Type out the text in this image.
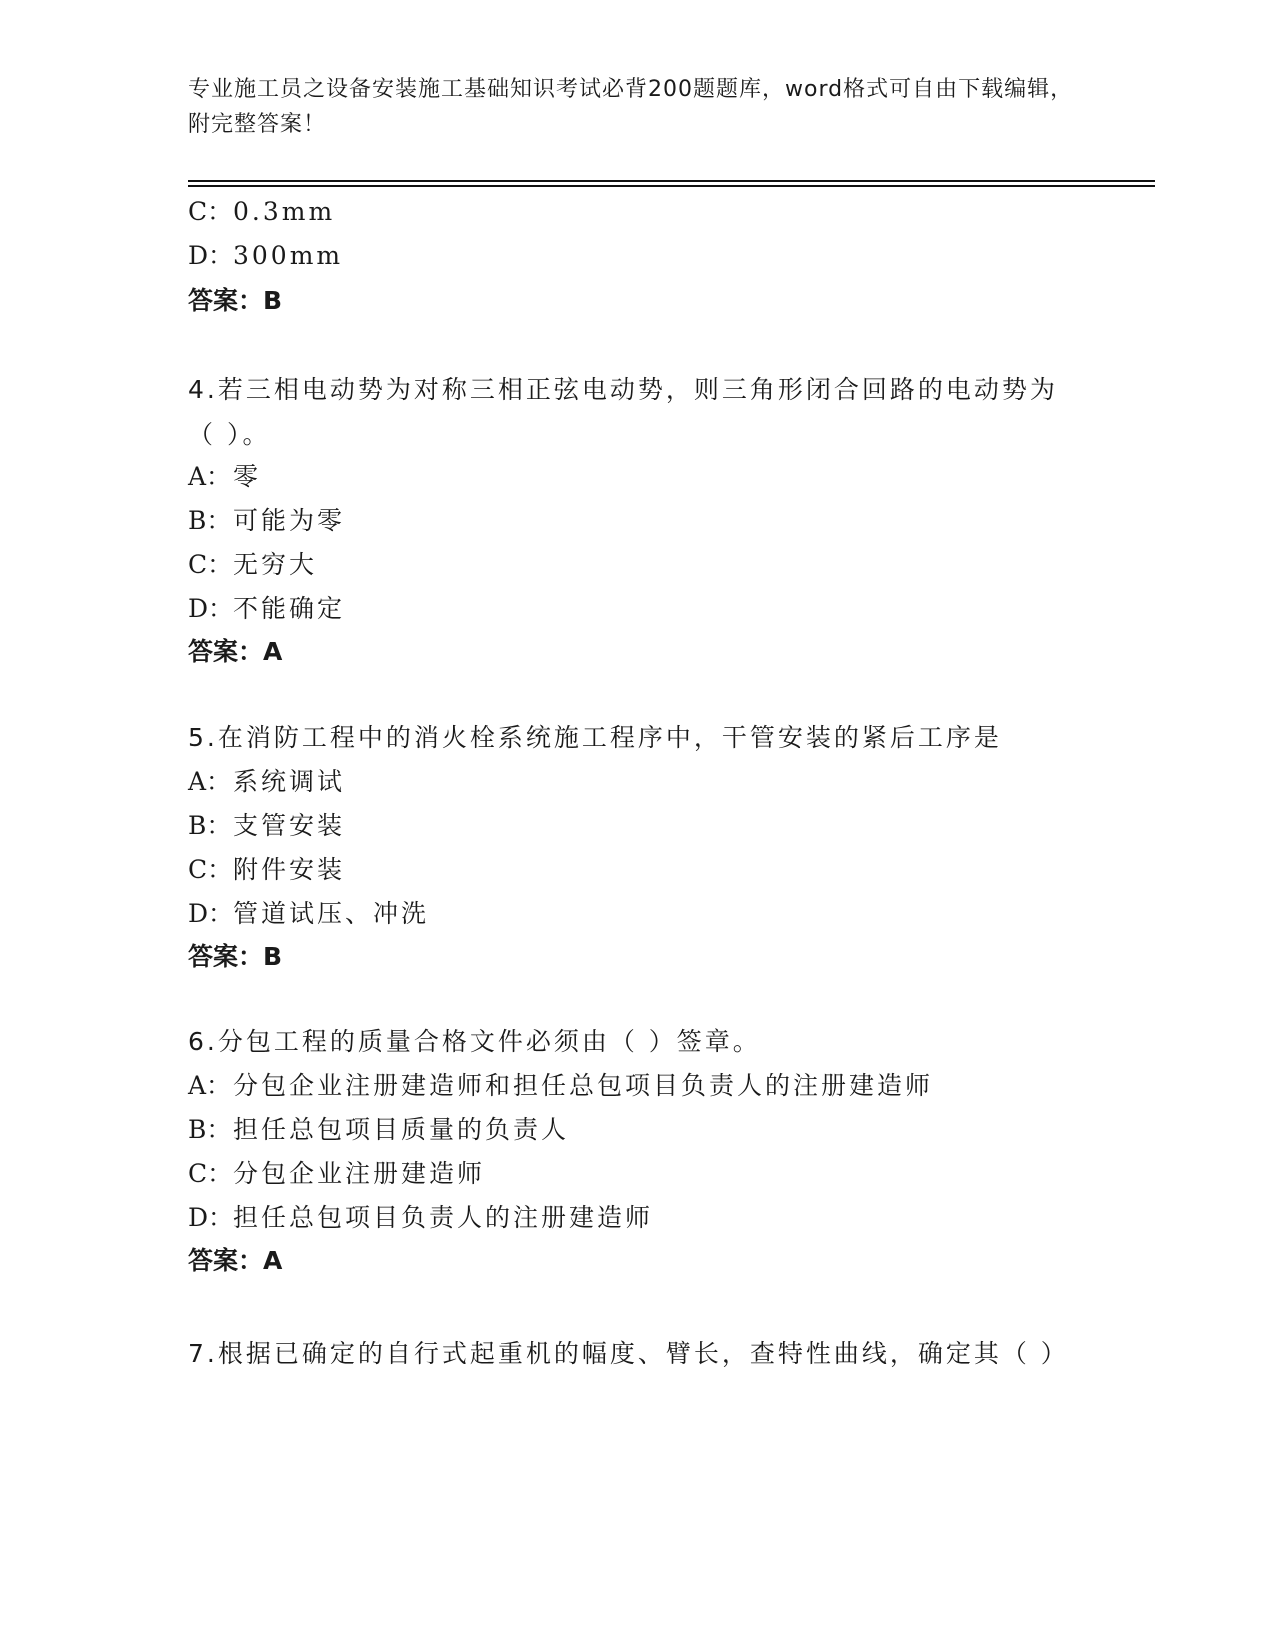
专业施工员之设备安装施工基础知识考试必背200题题库，word格式可自由下载编辑，附完整答案！
C：0.3mm
D：300mm
答案：B
4.若三相电动势为对称三相正弦电动势，则三角形闭合回路的电动势为（ ）。
A：零
B：可能为零
C：无穷大
D：不能确定
答案：A
5.在消防工程中的消火栓系统施工程序中，干管安装的紧后工序是
A：系统调试
B：支管安装
C：附件安装
D：管道试压、冲洗
答案：B
6.分包工程的质量合格文件必须由（ ）签章。
A：分包企业注册建造师和担任总包项目负责人的注册建造师
B：担任总包项目质量的负责人
C：分包企业注册建造师
D：担任总包项目负责人的注册建造师
答案：A
7.根据已确定的自行式起重机的幅度、臂长，查特性曲线，确定其（ ）
